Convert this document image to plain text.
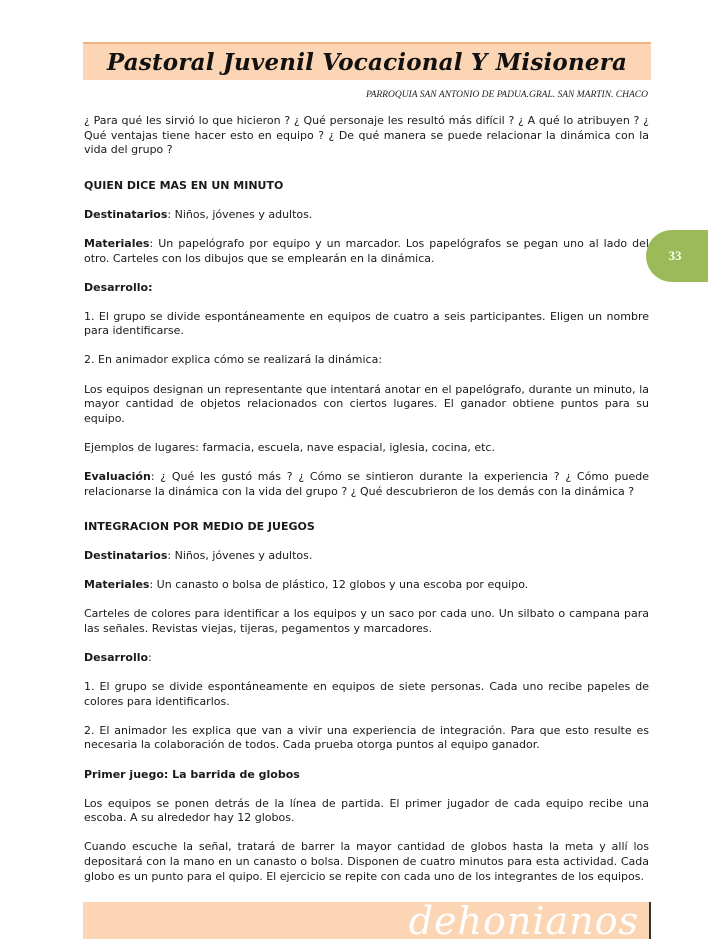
Pastoral Juvenil Vocacional Y Misionera
PARROQUIA SAN ANTONIO DE PADUA.GRAL. SAN MARTIN. CHACO
33

¿ Para qué les sirvió lo que hicieron ? ¿ Qué personaje les resultó más difícil ? ¿ A qué lo atribuyen ? ¿ Qué ventajas tiene hacer esto en equipo ? ¿ De qué manera se puede relacionar la dinámica con la vida del grupo ?

QUIEN DICE MAS EN UN MINUTO

Destinatarios: Niños, jóvenes y adultos.

Materiales: Un papelógrafo por equipo y un marcador. Los papelógrafos se pegan uno al lado del otro. Carteles con los dibujos que se emplearán en la dinámica.

Desarrollo:

1. El grupo se divide espontáneamente en equipos de cuatro a seis participantes. Eligen un nombre para identificarse.

2. En animador explica cómo se realizará la dinámica:

Los equipos designan un representante que intentará anotar en el papelógrafo, durante un minuto, la mayor cantidad de objetos relacionados con ciertos lugares. El ganador obtiene puntos para su equipo.

Ejemplos de lugares: farmacia, escuela, nave espacial, iglesia, cocina, etc.

Evaluación: ¿ Qué les gustó más ? ¿ Cómo se sintieron durante la experiencia ? ¿ Cómo puede relacionarse la dinámica con la vida del grupo ? ¿ Qué descubrieron de los demás con la dinámica ?

INTEGRACION POR MEDIO DE JUEGOS

Destinatarios: Niños, jóvenes y adultos.

Materiales: Un canasto o bolsa de plástico, 12 globos y una escoba por equipo.

Carteles de colores para identificar a los equipos y un saco por cada uno. Un silbato o campana para las señales. Revistas viejas, tijeras, pegamentos y marcadores.

Desarrollo:

1. El grupo se divide espontáneamente en equipos de siete personas. Cada uno recibe papeles de colores para identificarlos.

2. El animador les explica que van a vivir una experiencia de integración. Para que esto resulte es necesaria la colaboración de todos. Cada prueba otorga puntos al equipo ganador.

Primer juego: La barrida de globos

Los equipos se ponen detrás de la línea de partida. El primer jugador de cada equipo recibe una escoba. A su alrededor hay 12 globos.

Cuando escuche la señal, tratará de barrer la mayor cantidad de globos hasta la meta y allí los depositará con la mano en un canasto o bolsa. Disponen de cuatro minutos para esta actividad. Cada globo es un punto para el quipo. El ejercicio se repite con cada uno de los integrantes de los equipos.

dehonianos
